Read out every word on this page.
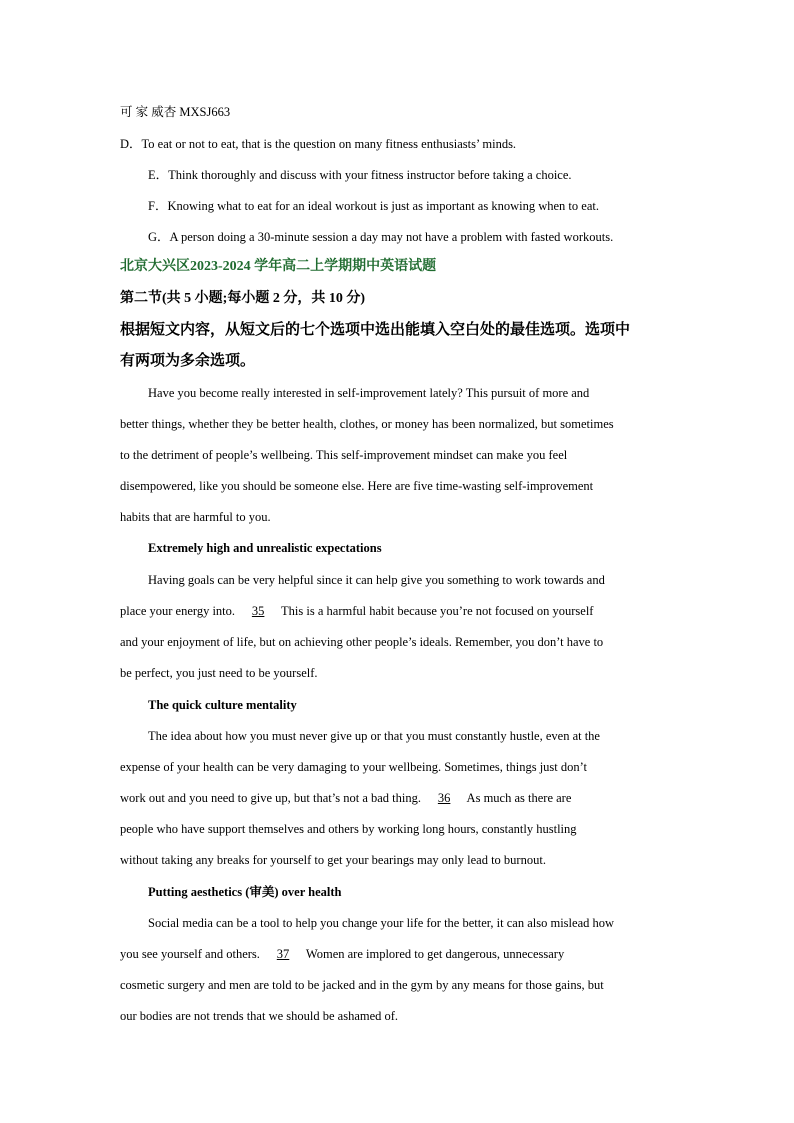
可 家 威杏 MXSJ663
D．To eat or not to eat, that is the question on many fitness enthusiasts’ minds.
E．Think thoroughly and discuss with your fitness instructor before taking a choice.
F．Knowing what to eat for an ideal workout is just as important as knowing when to eat.
G．A person doing a 30-minute session a day may not have a problem with fasted workouts.
北京大兴区2023-2024 学年高二上学期期中英语试题
第二节(共 5 小题;每小题 2 分，共 10 分)
根据短文内容，从短文后的七个选项中选出能填入空白处的最佳选项。选项中
有两项为多余选项。
Have you become really interested in self-improvement lately? This pursuit of more and
better things, whether they be better health, clothes, or money has been normalized, but sometimes
to the detriment of people’s wellbeing. This self-improvement mindset can make you feel
disempowered, like you should be someone else. Here are five time-wasting self-improvement
habits that are harmful to you.
Extremely high and unrealistic expectations
Having goals can be very helpful since it can help give you something to work towards and
place your energy into. 35 This is a harmful habit because you’re not focused on yourself
and your enjoyment of life, but on achieving other people’s ideals. Remember, you don’t have to
be perfect, you just need to be yourself.
The quick culture mentality
The idea about how you must never give up or that you must constantly hustle, even at the
expense of your health can be very damaging to your wellbeing. Sometimes, things just don’t
work out and you need to give up, but that’s not a bad thing. 36 As much as there are
people who have support themselves and others by working long hours, constantly hustling
without taking any breaks for yourself to get your bearings may only lead to burnout.
Putting aesthetics (审美) over health
Social media can be a tool to help you change your life for the better, it can also mislead how
you see yourself and others. 37 Women are implored to get dangerous, unnecessary
cosmetic surgery and men are told to be jacked and in the gym by any means for those gains, but
our bodies are not trends that we should be ashamed of.
